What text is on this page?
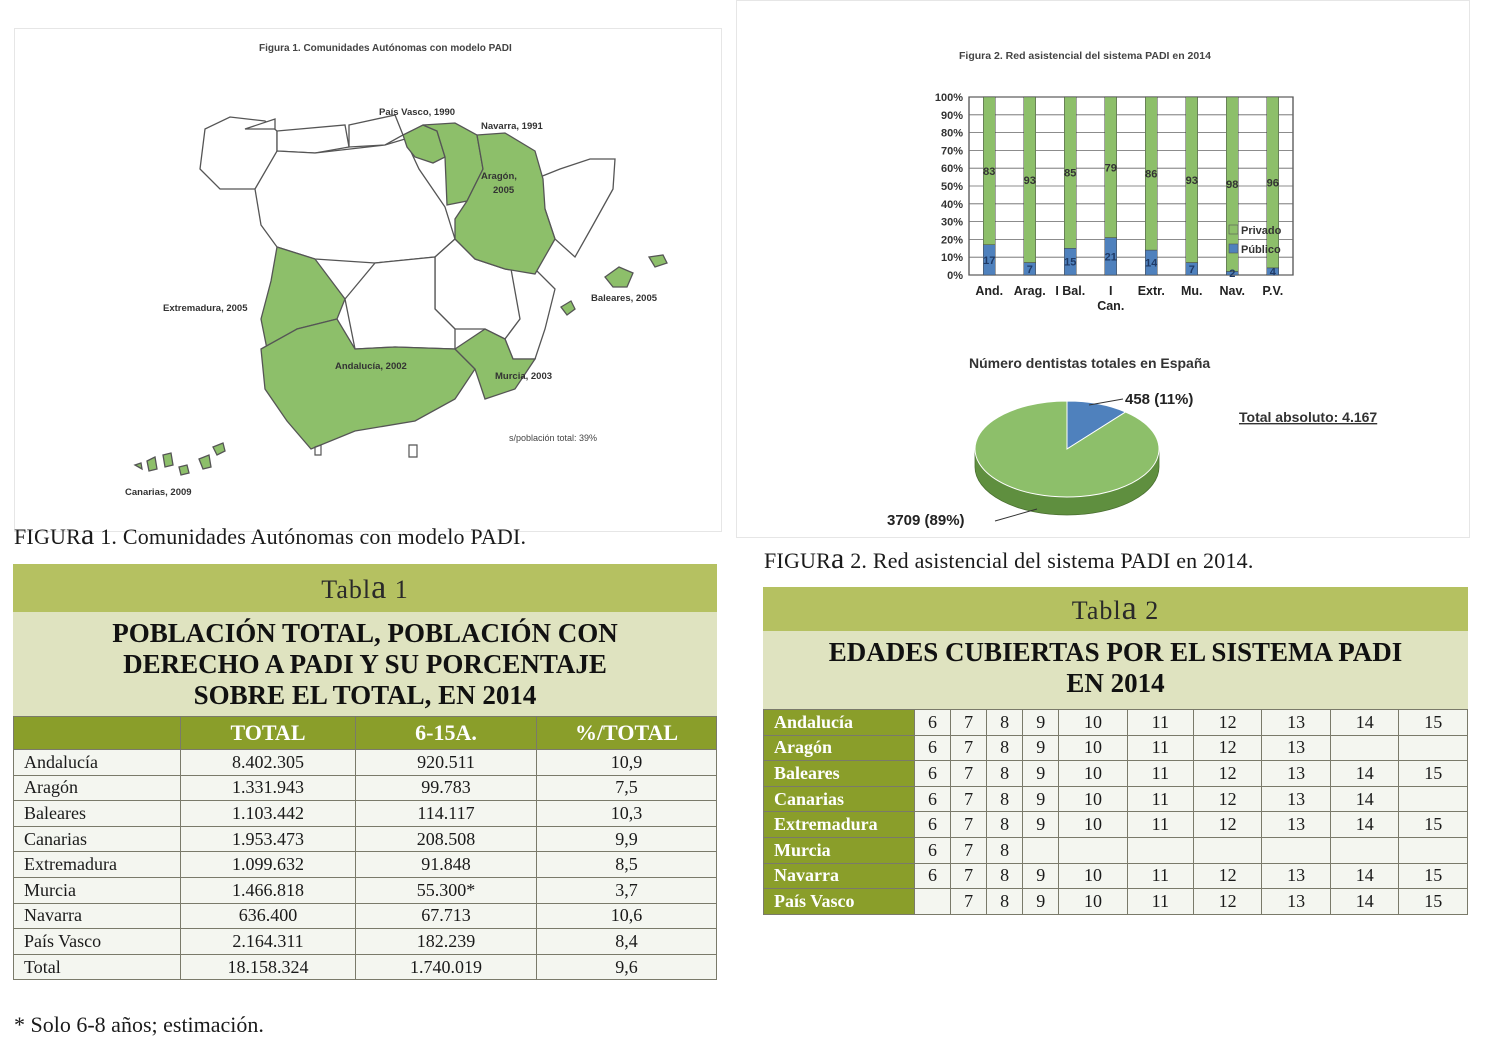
Figura 1. Comunidades Autónomas con modelo PADI
País Vasco, 1990
Navarra, 1991
Aragón,
2005
Extremadura, 2005
Baleares, 2005
Andalucía, 2002
Murcia, 2003
Canarias, 2009
s/población total: 39%
FIGURa 1. Comunidades Autónomas con modelo PADI.
Figura 2. Red asistencial del sistema PADI en 2014
0%
10%
20%
30%
40%
50%
60%
70%
80%
90%
100%
83
17
And.
93
7
Arag.
85
15
I Bal.
79
21
I
Can.
86
14
Extr.
93
7
Mu.
98
2
Nav.
96
4
P.V.
Privado
Público
Número dentistas totales en España
458 (11%)
Total absoluto: 4.167
3709 (89%)
FIGURa 2. Red asistencial del sistema PADI en 2014.
Tabla 1
POBLACIÓN TOTAL, POBLACIÓN CON
DERECHO A PADI Y SU PORCENTAJE
SOBRE EL TOTAL, EN 2014
	TOTAL	6-15A.	%/TOTAL
Andalucía	8.402.305	920.511	10,9
Aragón	1.331.943	99.783	7,5
Baleares	1.103.442	114.117	10,3
Canarias	1.953.473	208.508	9,9
Extremadura	1.099.632	91.848	8,5
Murcia	1.466.818	55.300*	3,7
Navarra	636.400	67.713	10,6
País Vasco	2.164.311	182.239	8,4
Total	18.158.324	1.740.019	9,6
* Solo 6-8 años; estimación.
Tabla 2
EDADES CUBIERTAS POR EL SISTEMA PADI
EN 2014
Andalucía	6	7	8	9	10	11	12	13	14	15
Aragón	6	7	8	9	10	11	12	13		
Baleares	6	7	8	9	10	11	12	13	14	15
Canarias	6	7	8	9	10	11	12	13	14	
Extremadura	6	7	8	9	10	11	12	13	14	15
Murcia	6	7	8							
Navarra	6	7	8	9	10	11	12	13	14	15
País Vasco		7	8	9	10	11	12	13	14	15
